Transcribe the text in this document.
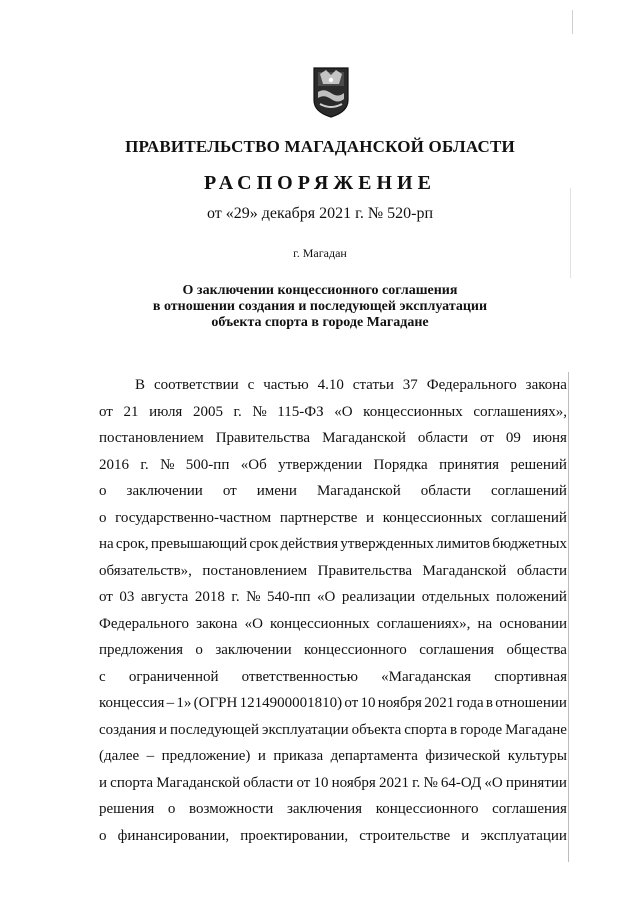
ПРАВИТЕЛЬСТВО МАГАДАНСКОЙ ОБЛАСТИ
РАСПОРЯЖЕНИЕ
от «29» декабря 2021 г. № 520-рп
г. Магадан
О заключении концессионного соглашения
в отношении создания и последующей эксплуатации
объекта спорта в городе Магадане
В соответствии с частью 4.10 статьи 37 Федерального закона
от 21 июля 2005 г. № 115-ФЗ «О концессионных соглашениях»,
постановлением Правительства Магаданской области от 09 июня
2016 г. № 500-пп «Об утверждении Порядка принятия решений
о заключении от имени Магаданской области соглашений
о государственно-частном партнерстве и концессионных соглашений
на срок, превышающий срок действия утвержденных лимитов бюджетных
обязательств», постановлением Правительства Магаданской области
от 03 августа 2018 г. № 540-пп «О реализации отдельных положений
Федерального закона «О концессионных соглашениях», на основании
предложения о заключении концессионного соглашения общества
с ограниченной ответственностью «Магаданская спортивная
концессия – 1» (ОГРН 1214900001810) от 10 ноября 2021 года в отношении
создания и последующей эксплуатации объекта спорта в городе Магадане
(далее – предложение) и приказа департамента физической культуры
и спорта Магаданской области от 10 ноября 2021 г. № 64-ОД «О принятии
решения о возможности заключения концессионного соглашения
о финансировании, проектировании, строительстве и эксплуатации
